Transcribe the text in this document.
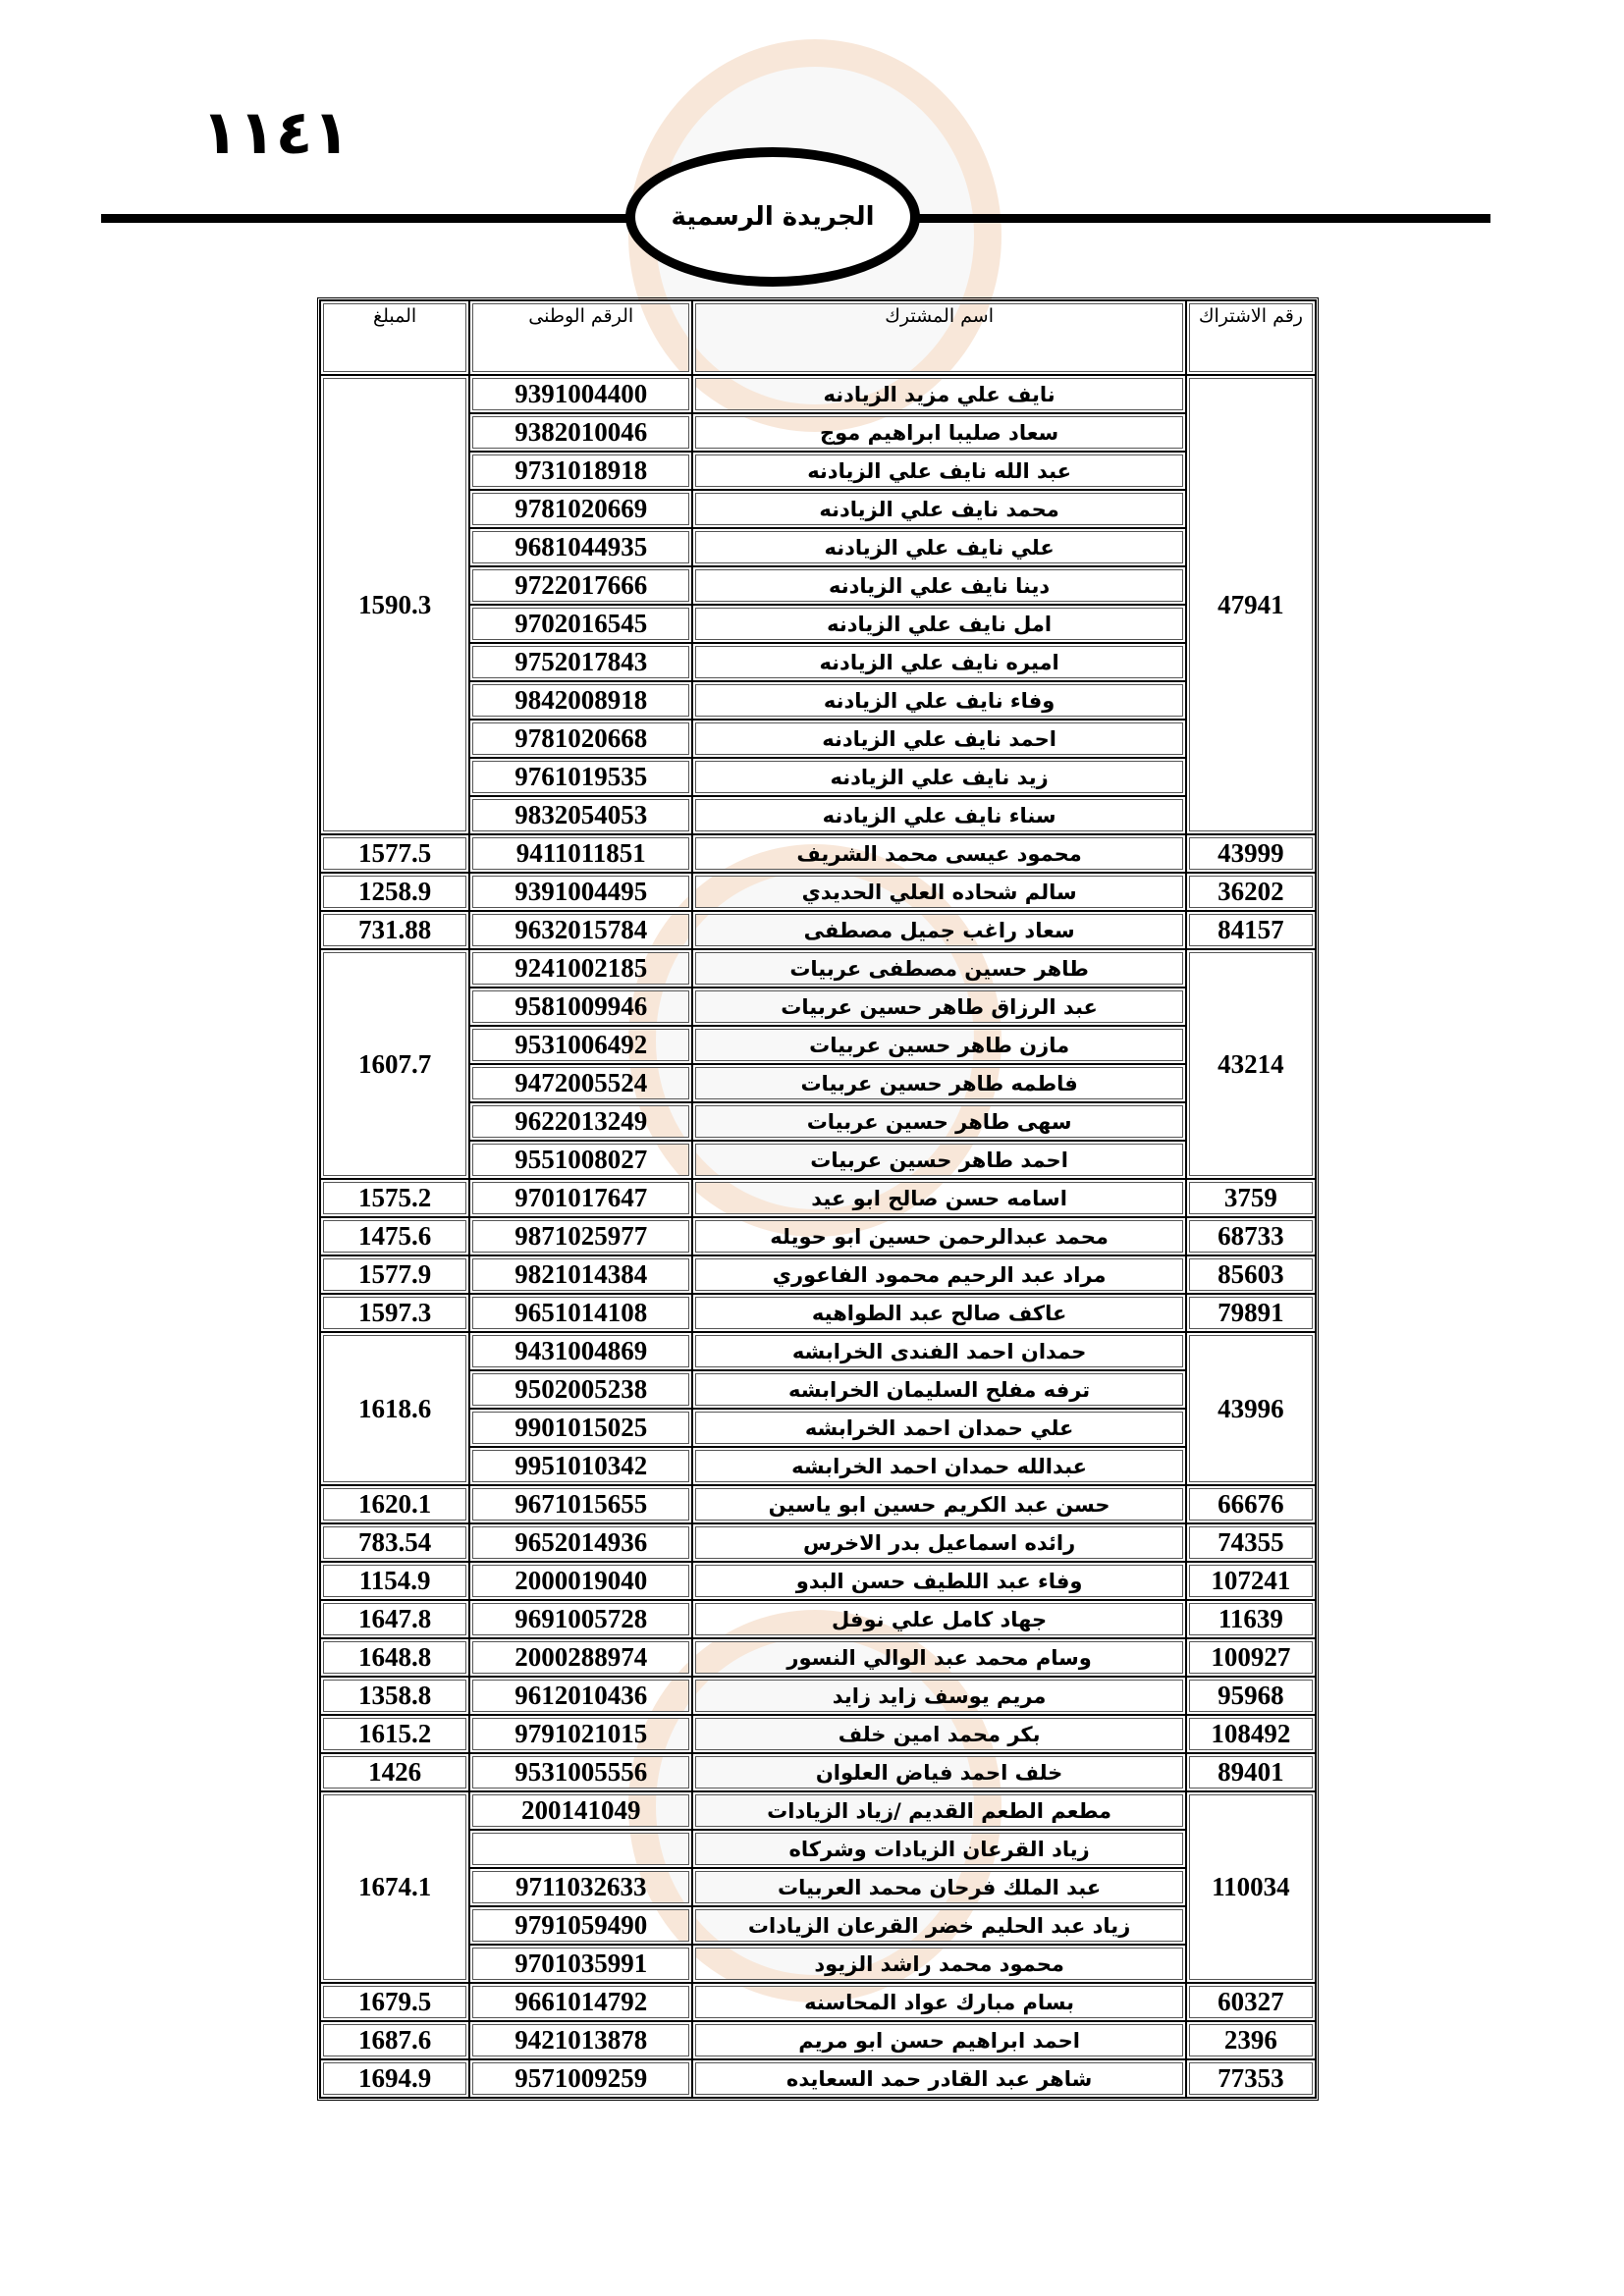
١١٤١
الجريدة الرسمية
المبلغ	الرقم الوطنى	اسم المشترك	رقم الاشتراك
1590.3	9391004400	نايف علي مزيد الزيادنه	47941
	9382010046	سعاد صليبا ابراهيم موج	
	9731018918	عبد الله نايف علي الزيادنه	
	9781020669	محمد نايف علي الزيادنه	
	9681044935	علي نايف علي الزيادنه	
	9722017666	دينا نايف علي الزيادنه	
	9702016545	امل نايف علي الزيادنه	
	9752017843	اميره نايف علي الزيادنه	
	9842008918	وفاء نايف علي الزيادنه	
	9781020668	احمد نايف علي الزيادنه	
	9761019535	زيد نايف علي الزيادنه	
	9832054053	سناء نايف علي الزيادنه	
1577.5	9411011851	محمود عيسى محمد الشريف	43999
1258.9	9391004495	سالم شحاده العلي الحديدي	36202
731.88	9632015784	سعاد راغب جميل مصطفى	84157
1607.7	9241002185	طاهر حسين مصطفى عربيات	43214
	9581009946	عبد الرزاق طاهر حسين عربيات	
	9531006492	مازن طاهر حسين عربيات	
	9472005524	فاطمه طاهر حسين عربيات	
	9622013249	سهى طاهر حسين عربيات	
	9551008027	احمد طاهر حسين عربيات	
1575.2	9701017647	اسامه حسن صالح ابو عيد	3759
1475.6	9871025977	محمد عبدالرحمن حسين ابو حويله	68733
1577.9	9821014384	مراد عبد الرحيم محمود الفاعوري	85603
1597.3	9651014108	عاكف صالح عبد الطواهيه	79891
1618.6	9431004869	حمدان احمد الفندى الخرابشه	43996
	9502005238	ترفه مفلح السليمان الخرابشه	
	9901015025	علي حمدان احمد الخرابشه	
	9951010342	عبدالله حمدان احمد الخرابشه	
1620.1	9671015655	حسن عبد الكريم حسين ابو ياسين	66676
783.54	9652014936	رائده اسماعيل بدر الاخرس	74355
1154.9	2000019040	وفاء عبد اللطيف حسن البدو	107241
1647.8	9691005728	جهاد كامل علي نوفل	11639
1648.8	2000288974	وسام محمد عبد الوالي النسور	100927
1358.8	9612010436	مريم يوسف زايد زايد	95968
1615.2	9791021015	بكر محمد امين خلف	108492
1426	9531005556	خلف احمد فياض العلوان	89401
1674.1	200141049	مطعم الطعم القديم /زياد الزيادات	110034
		زياد القرعان الزيادات وشركاه	
	9711032633	عبد الملك فرحان محمد العربيات	
	9791059490	زياد عبد الحليم خضر القرعان الزيادات	
	9701035991	محمود محمد راشد الزيود	
1679.5	9661014792	بسام مبارك عواد المحاسنه	60327
1687.6	9421013878	احمد ابراهيم حسن ابو مريم	2396
1694.9	9571009259	شاهر عبد القادر حمد السعايده	77353
